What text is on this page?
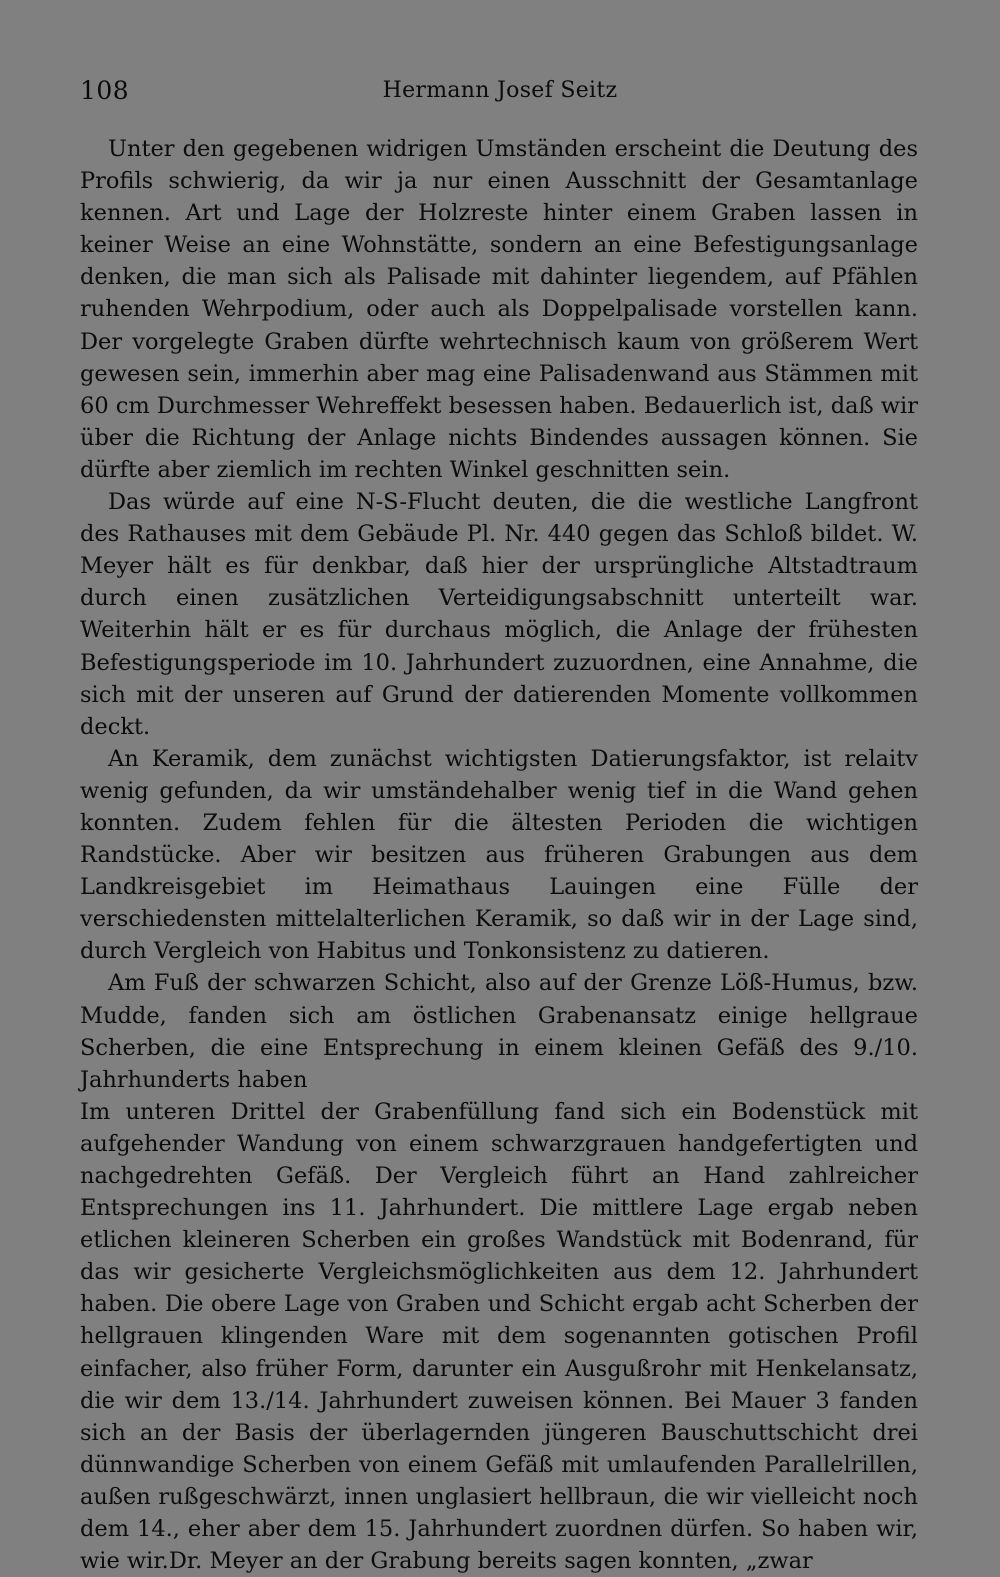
108	Hermann Josef Seitz

Unter den gegebenen widrigen Umständen erscheint die Deutung des Profils schwierig, da wir ja nur einen Ausschnitt der Gesamtanlage kennen. Art und Lage der Holzreste hinter einem Graben lassen in keiner Weise an eine Wohnstätte, sondern an eine Befestigungsanlage denken, die man sich als Palisade mit dahinter liegendem, auf Pfählen ruhenden Wehrpodium, oder auch als Doppelpalisade vorstellen kann. Der vorgelegte Graben dürfte wehrtechnisch kaum von größerem Wert gewesen sein, immerhin aber mag eine Palisadenwand aus Stämmen mit 60 cm Durchmesser Wehreffekt besessen haben. Bedauerlich ist, daß wir über die Richtung der Anlage nichts Bindendes aussagen können. Sie dürfte aber ziemlich im rechten Winkel geschnitten sein.

Das würde auf eine N-S-Flucht deuten, die die westliche Langfront des Rathauses mit dem Gebäude Pl. Nr. 440 gegen das Schloß bildet. W. Meyer hält es für denkbar, daß hier der ursprüngliche Altstadtraum durch einen zusätzlichen Verteidigungsabschnitt unterteilt war. Weiterhin hält er es für durchaus möglich, die Anlage der frühesten Befestigungsperiode im 10. Jahrhundert zuzuordnen, eine Annahme, die sich mit der unseren auf Grund der datierenden Momente vollkommen deckt.

An Keramik, dem zunächst wichtigsten Datierungsfaktor, ist relaitv wenig gefunden, da wir umständehalber wenig tief in die Wand gehen konnten. Zudem fehlen für die ältesten Perioden die wichtigen Randstücke. Aber wir besitzen aus früheren Grabungen aus dem Landkreisgebiet im Heimathaus Lauingen eine Fülle der verschiedensten mittelalterlichen Keramik, so daß wir in der Lage sind, durch Vergleich von Habitus und Tonkonsistenz zu datieren.

Am Fuß der schwarzen Schicht, also auf der Grenze Löß-Humus, bzw. Mudde, fanden sich am östlichen Grabenansatz einige hellgraue Scherben, die eine Entsprechung in einem kleinen Gefäß des 9./10. Jahrhunderts haben

Im unteren Drittel der Grabenfüllung fand sich ein Bodenstück mit aufgehender Wandung von einem schwarzgrauen handgefertigten und nachgedrehten Gefäß. Der Vergleich führt an Hand zahlreicher Entsprechungen ins 11. Jahrhundert. Die mittlere Lage ergab neben etlichen kleineren Scherben ein großes Wandstück mit Bodenrand, für das wir gesicherte Vergleichsmöglichkeiten aus dem 12. Jahrhundert haben. Die obere Lage von Graben und Schicht ergab acht Scherben der hellgrauen klingenden Ware mit dem sogenannten gotischen Profil einfacher, also früher Form, darunter ein Ausgußrohr mit Henkelansatz, die wir dem 13./14. Jahrhundert zuweisen können. Bei Mauer 3 fanden sich an der Basis der überlagernden jüngeren Bauschuttschicht drei dünnwandige Scherben von einem Gefäß mit umlaufenden Parallelrillen, außen rußgeschwärzt, innen unglasiert hellbraun, die wir vielleicht noch dem 14., eher aber dem 15. Jahrhundert zuordnen dürfen. So haben wir, wie wir.Dr. Meyer an der Grabung bereits sagen konnten, „zwar
